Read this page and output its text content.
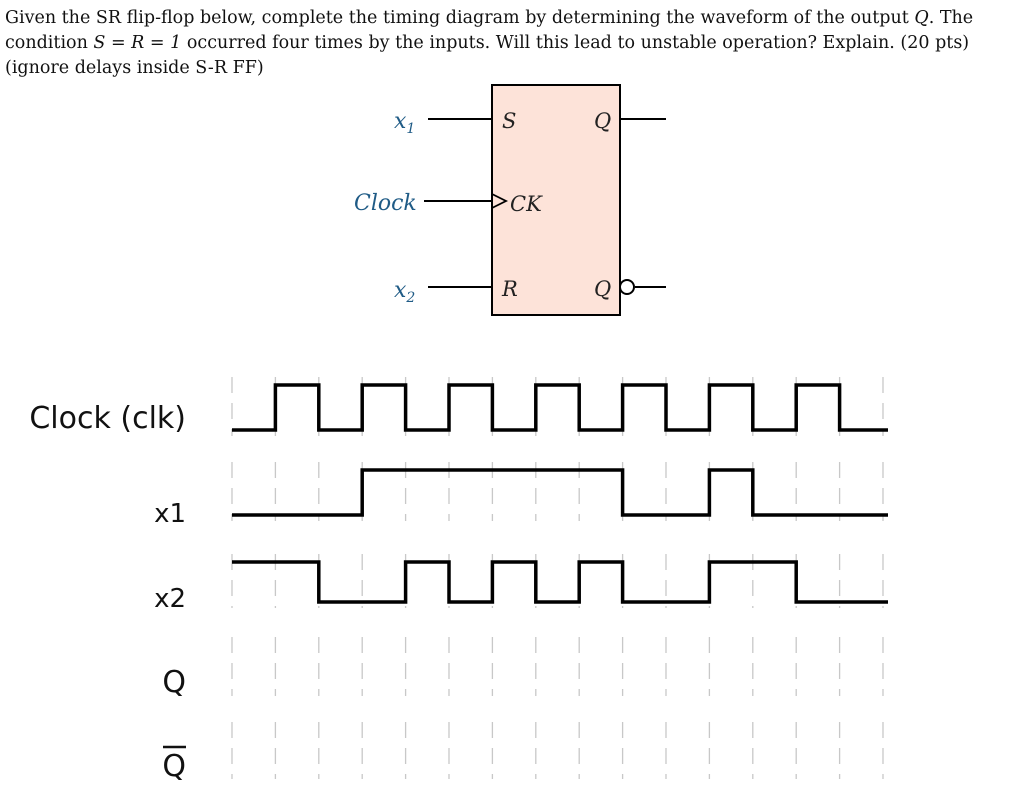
Given the SR flip-flop below, complete the timing diagram by determining the waveform of the output Q. The condition S = R = 1 occurred four times by the inputs. Will this lead to unstable operation? Explain. (20 pts) (ignore delays inside S-R FF)
$x_1$
Clock
$x_2$
S
CK
R
Q
Q
Clock (clk)
x1
x2
Q
Q
